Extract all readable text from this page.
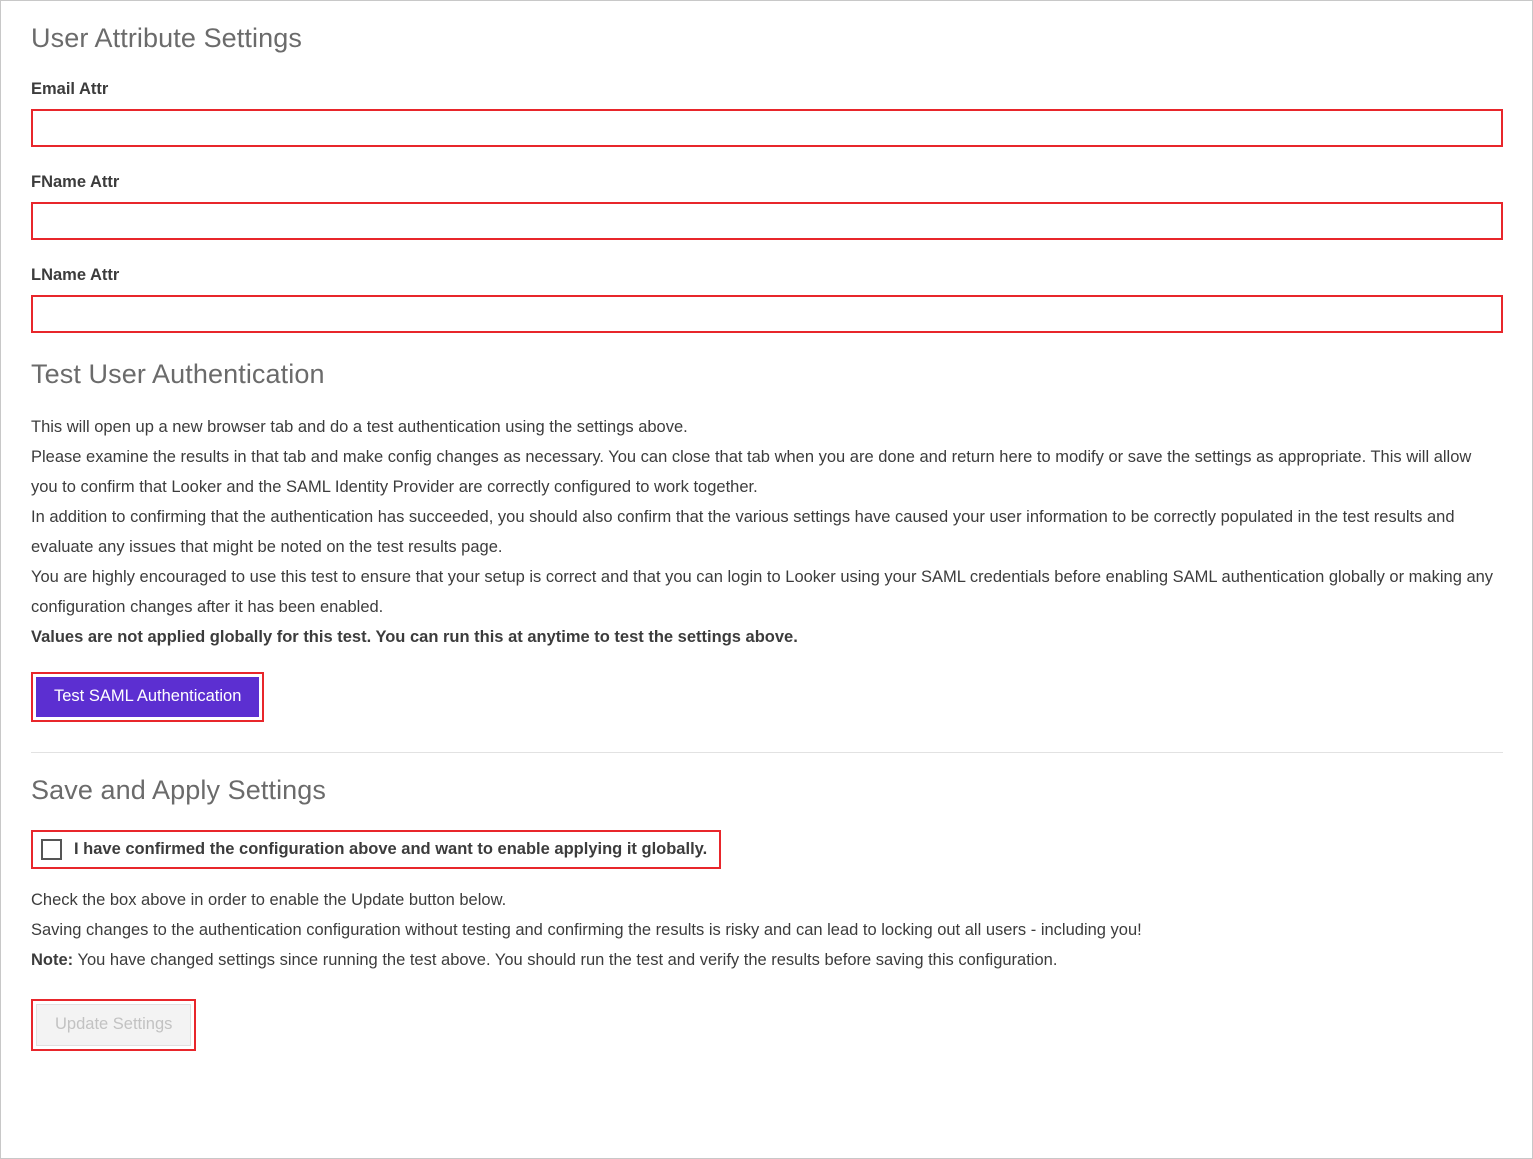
User Attribute Settings
Email Attr
FName Attr
LName Attr
Test User Authentication

This will open up a new browser tab and do a test authentication using the settings above.

Please examine the results in that tab and make config changes as necessary. You can close that tab when you are done and return here to modify or save the settings as appropriate. This will allow you to confirm that Looker and the SAML Identity Provider are correctly configured to work together.

In addition to confirming that the authentication has succeeded, you should also confirm that the various settings have caused your user information to be correctly populated in the test results and evaluate any issues that might be noted on the test results page.

You are highly encouraged to use this test to ensure that your setup is correct and that you can login to Looker using your SAML credentials before enabling SAML authentication globally or making any configuration changes after it has been enabled.

Values are not applied globally for this test. You can run this at anytime to test the settings above.

Test SAML Authentication
Save and Apply Settings
I have confirmed the configuration above and want to enable applying it globally.

Check the box above in order to enable the Update button below.

Saving changes to the authentication configuration without testing and confirming the results is risky and can lead to locking out all users - including you!

Note: You have changed settings since running the test above. You should run the test and verify the results before saving this configuration.

Update Settings
